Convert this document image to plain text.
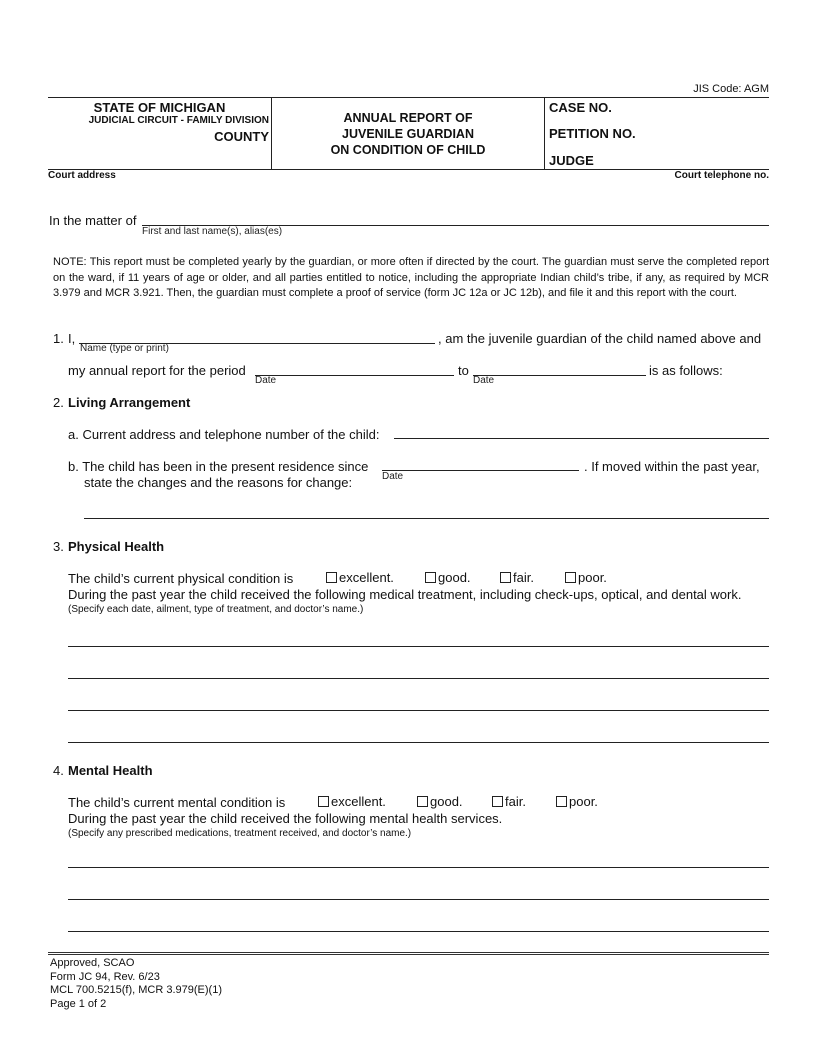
JIS Code: AGM
STATE OF MICHIGAN
JUDICIAL CIRCUIT - FAMILY DIVISION
COUNTY
ANNUAL REPORT OF
JUVENILE GUARDIAN
ON CONDITION OF CHILD
CASE NO.
PETITION NO.
JUDGE
Court address	Court telephone no.
In the matter of
First and last name(s), alias(es)
NOTE: This report must be completed yearly by the guardian, or more often if directed by the court. The guardian must serve the completed report on the ward, if 11 years of age or older, and all parties entitled to notice, including the appropriate Indian child’s tribe, if any, as required by MCR 3.979 and MCR 3.921. Then, the guardian must complete a proof of service (form JC 12a or JC 12b), and file it and this report with the court.
1. I,
Name (type or print)
, am the juvenile guardian of the child named above and
my annual report for the period
Date
to
Date
is as follows:
2. Living Arrangement
a. Current address and telephone number of the child:
b. The child has been in the present residence since
Date
. If moved within the past year,
state the changes and the reasons for change:
3. Physical Health
The child’s current physical condition is	excellent.	good.	fair.	poor.
During the past year the child received the following medical treatment, including check-ups, optical, and dental work.
(Specify each date, ailment, type of treatment, and doctor’s name.)
4. Mental Health
The child’s current mental condition is	excellent.	good.	fair.	poor.
During the past year the child received the following mental health services.
(Specify any prescribed medications, treatment received, and doctor’s name.)
Approved, SCAO
Form JC 94, Rev. 6/23
MCL 700.5215(f), MCR 3.979(E)(1)
Page 1 of 2
